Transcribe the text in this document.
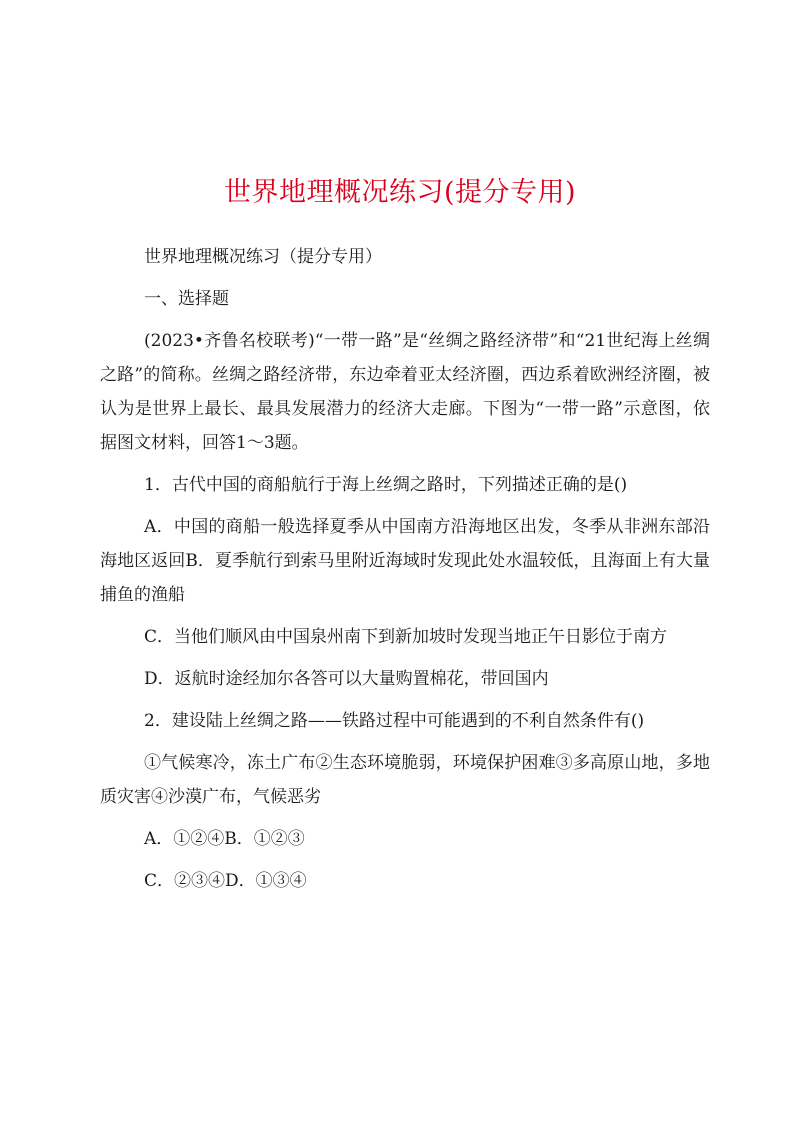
世界地理概况练习(提分专用)

世界地理概况练习（提分专用）

一、选择题

(2023•齐鲁名校联考)“一带一路”是“丝绸之路经济带”和“21世纪海上丝绸之路”的简称。丝绸之路经济带，东边牵着亚太经济圈，西边系着欧洲经济圈，被认为是世界上最长、最具发展潜力的经济大走廊。下图为“一带一路”示意图，依据图文材料，回答1～3题。

1．古代中国的商船航行于海上丝绸之路时，下列描述正确的是()

A．中国的商船一般选择夏季从中国南方沿海地区出发，冬季从非洲东部沿海地区返回B．夏季航行到索马里附近海域时发现此处水温较低，且海面上有大量捕鱼的渔船

C．当他们顺风由中国泉州南下到新加坡时发现当地正午日影位于南方

D．返航时途经加尔各答可以大量购置棉花，带回国内

2．建设陆上丝绸之路——铁路过程中可能遇到的不利自然条件有()

①气候寒冷，冻土广布②生态环境脆弱，环境保护困难③多高原山地，多地质灾害④沙漠广布，气候恶劣

A．①②④B．①②③

C．②③④D．①③④
